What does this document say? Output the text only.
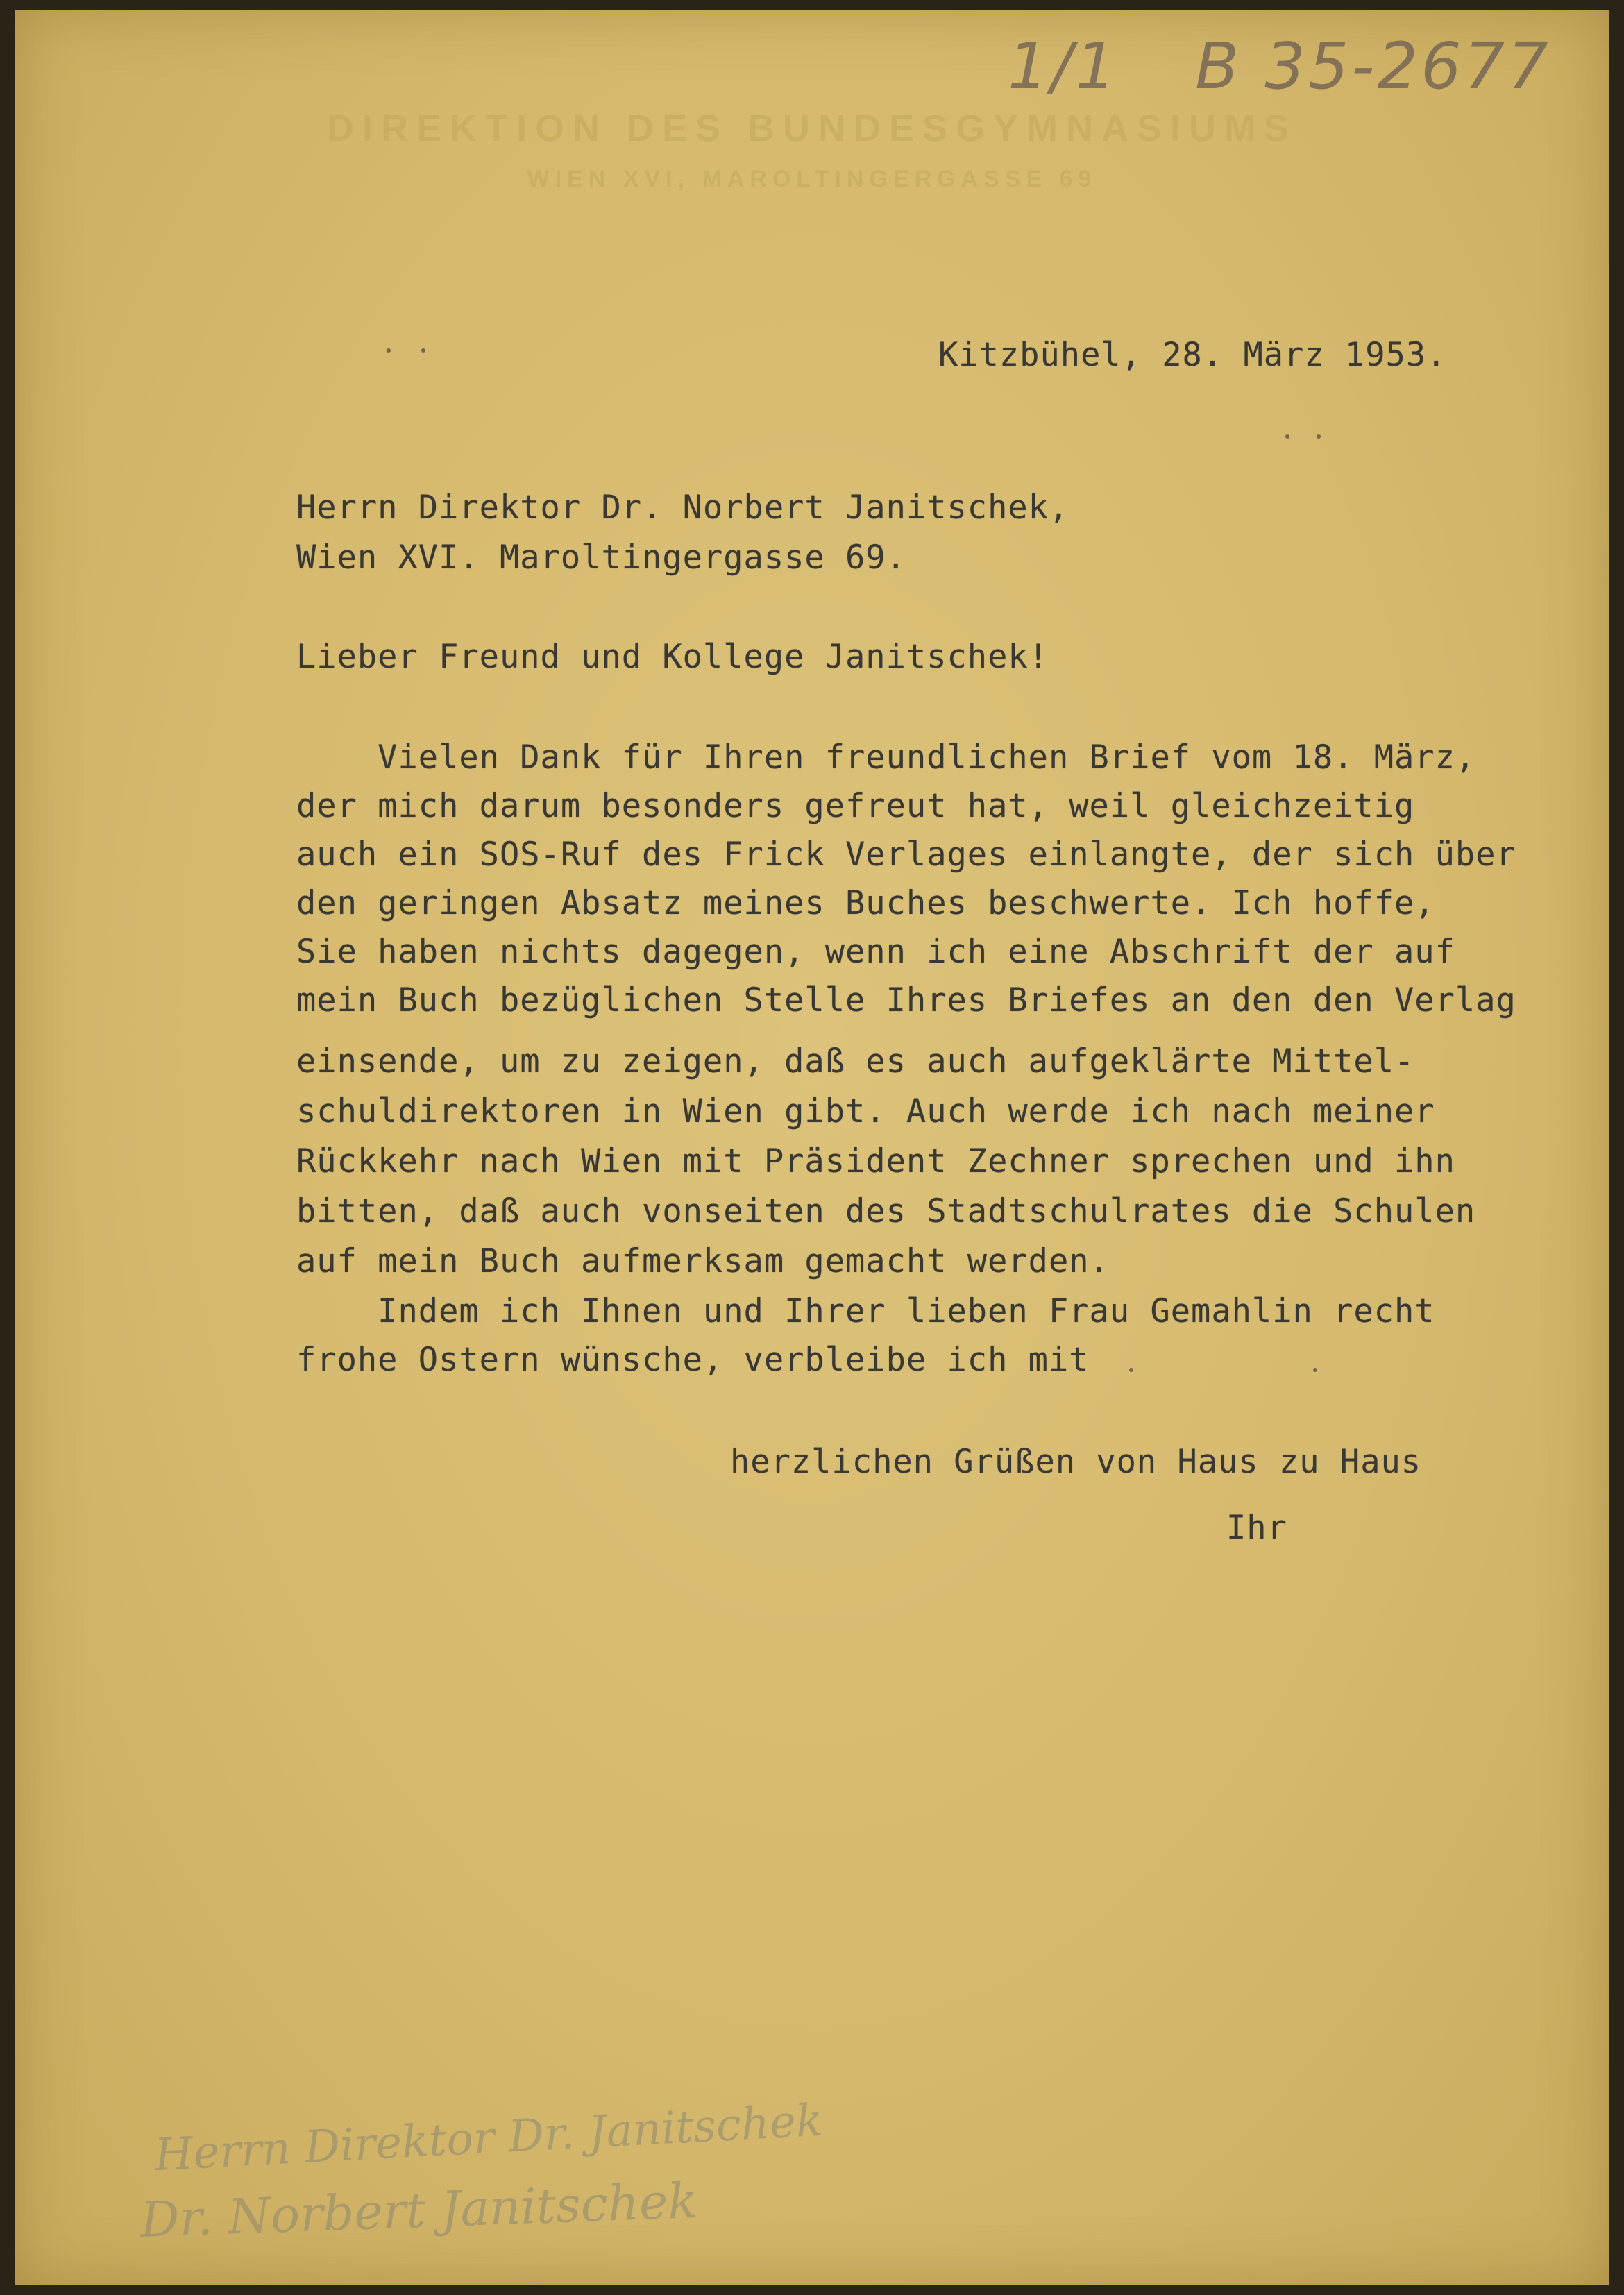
1/1 B 35-2677
DIREKTION DES BUNDESGYMNASIUMS
WIEN XVI, MAROLTINGERGASSE 69
Kitzbühel, 28. März 1953.
Herrn Direktor Dr. Norbert Janitschek,
Wien XVI. Maroltingergasse 69.
Lieber Freund und Kollege Janitschek!
Vielen Dank für Ihren freundlichen Brief vom 18. März,
der mich darum besonders gefreut hat, weil gleichzeitig
auch ein SOS-Ruf des Frick Verlages einlangte, der sich über
den geringen Absatz meines Buches beschwerte. Ich hoffe,
Sie haben nichts dagegen, wenn ich eine Abschrift der auf
mein Buch bezüglichen Stelle Ihres Briefes an den den Verlag
einsende, um zu zeigen, daß es auch aufgeklärte Mittel-
schuldirektoren in Wien gibt. Auch werde ich nach meiner
Rückkehr nach Wien mit Präsident Zechner sprechen und ihn
bitten, daß auch vonseiten des Stadtschulrates die Schulen
auf mein Buch aufmerksam gemacht werden.
Indem ich Ihnen und Ihrer lieben Frau Gemahlin recht
frohe Ostern wünsche, verbleibe ich mit
herzlichen Grüßen von Haus zu Haus
Ihr
Herrn Direktor Dr. Janitschek
Dr. Norbert Janitschek
